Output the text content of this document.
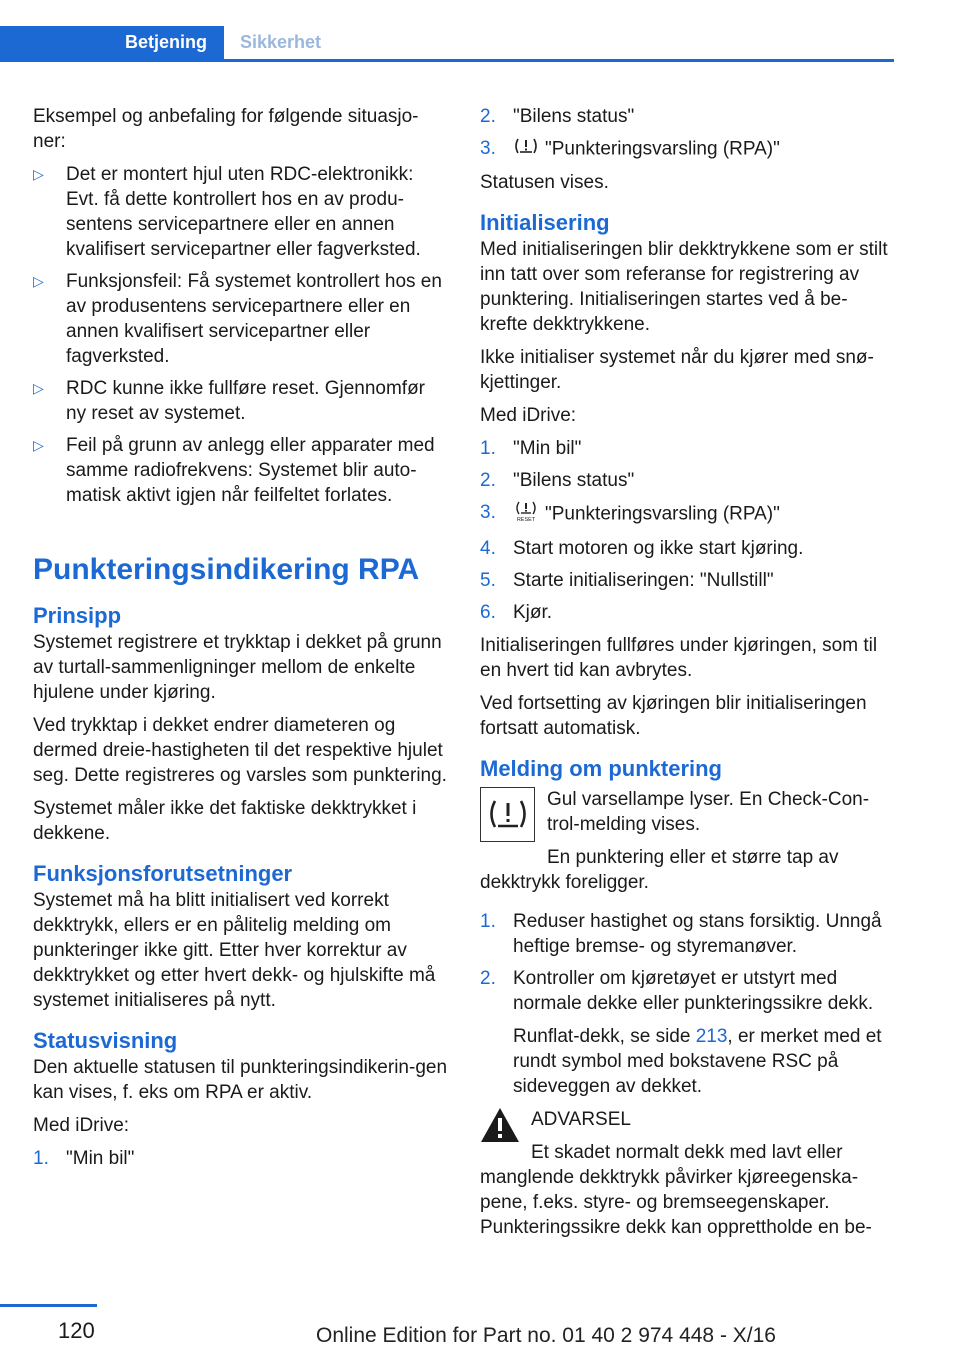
Betjening	Sikkerhet

Eksempel og anbefaling for følgende situasjo-ner:

▷ Det er montert hjul uten RDC-elektronikk: Evt. få dette kontrollert hos en av produ-sentens servicepartnere eller en annen kvalifisert servicepartner eller fagverksted.
▷ Funksjonsfeil: Få systemet kontrollert hos en av produsentens servicepartnere eller en annen kvalifisert servicepartner eller fagverksted.
▷ RDC kunne ikke fullføre reset. Gjennomfør ny reset av systemet.
▷ Feil på grunn av anlegg eller apparater med samme radiofrekvens: Systemet blir auto-matisk aktivt igjen når feilfeltet forlates.
Punkteringsindikering RPA
Prinsipp

Systemet registrere et trykktap i dekket på grunn av turtall-sammenligninger mellom de enkelte hjulene under kjøring.

Ved trykktap i dekket endrer diameteren og dermed dreie-hastigheten til det respektive hjulet seg. Dette registreres og varsles som punktering.

Systemet måler ikke det faktiske dekktrykket i dekkene.

Funksjonsforutsetninger

Systemet må ha blitt initialisert ved korrekt dekktrykk, ellers er en pålitelig melding om punkteringer ikke gitt. Etter hver korrektur av dekktrykket og etter hvert dekk- og hjulskifte må systemet initialiseres på nytt.

Statusvisning

Den aktuelle statusen til punkteringsindikerin-gen kan vises, f. eks om RPA er aktiv.

Med iDrive:

1. "Min bil"
2. "Bilens status"
3.	"Punkteringsvarsling (RPA)"

Statusen vises.

Initialisering

Med initialiseringen blir dekktrykkene som er stilt inn tatt over som referanse for registrering av punktering. Initialiseringen startes ved å be-krefte dekktrykkene.

Ikke initialiser systemet når du kjører med snø-kjettinger.

Med iDrive:

1. "Min bil"
2. "Bilens status"
3.	RESET "Punkteringsvarsling (RPA)"
4. Start motoren og ikke start kjøring.
5. Starte initialiseringen: "Nullstill"
6. Kjør.

Initialiseringen fullføres under kjøringen, som til en hvert tid kan avbrytes.

Ved fortsetting av kjøringen blir initialiseringen fortsatt automatisk.

Melding om punktering

Gul varsellampe lyser. En Check-Con-trol-melding vises.

En punktering eller et større tap av

dekktrykk foreligger.

1. Reduser hastighet og stans forsiktig. Unngå heftige bremse- og styremanøver.
2. Kontroller om kjøretøyet er utstyrt med normale dekke eller punkteringssikre dekk.
Runflat-dekk, se side 213, er merket med et rundt symbol med bokstavene RSC på sideveggen av dekket.

ADVARSEL

Et skadet normalt dekk med lavt eller

manglende dekktrykk påvirker kjøreegenska-pene, f.eks. styre- og bremseegenskaper. Punkteringssikre dekk kan opprettholde en be-

120	Online Edition for Part no. 01 40 2 974 448 - X/16
